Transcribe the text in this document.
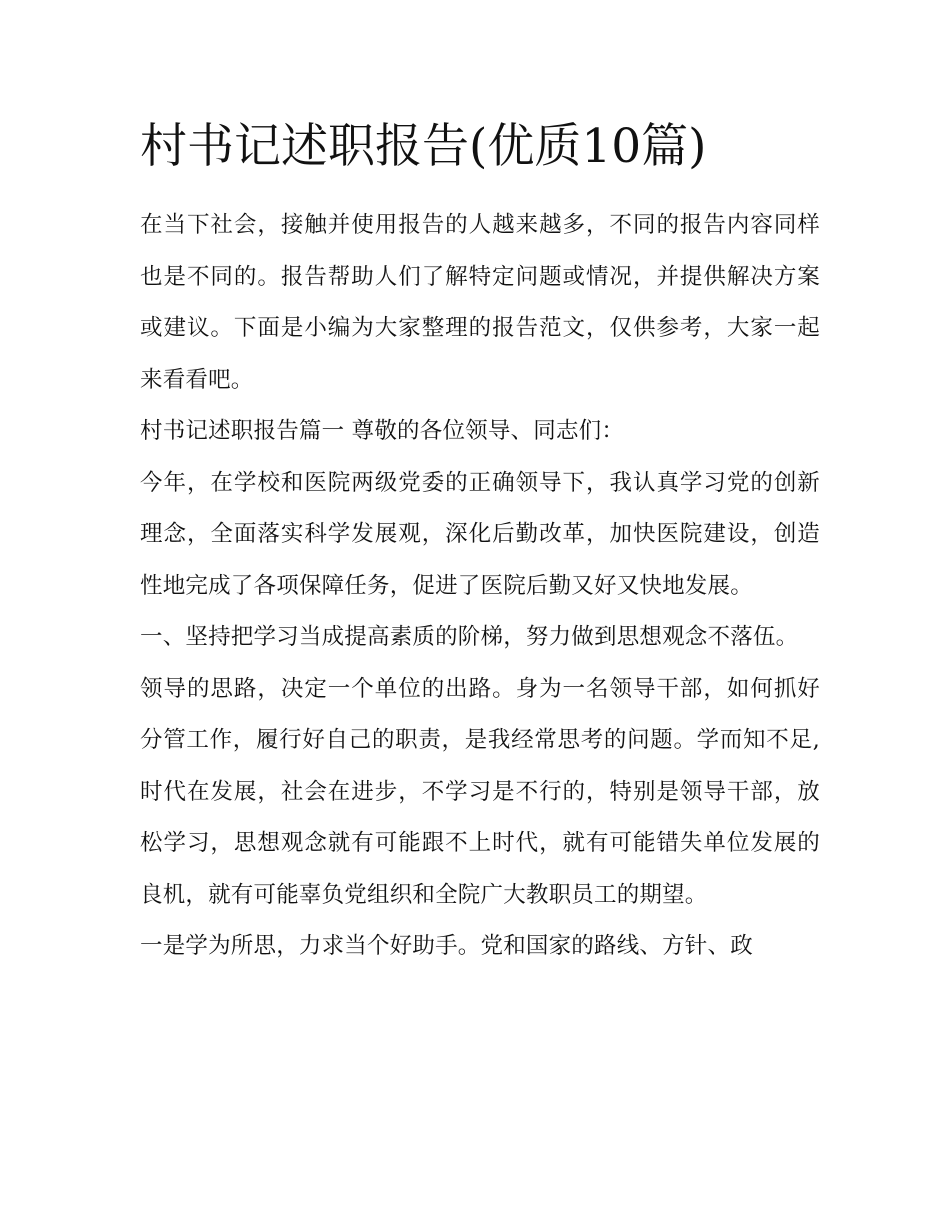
村书记述职报告(优质10篇)

在当下社会，接触并使用报告的人越来越多，不同的报告内容同样也是不同的。报告帮助人们了解特定问题或情况，并提供解决方案或建议。下面是小编为大家整理的报告范文，仅供参考，大家一起来看看吧。

村书记述职报告篇一 尊敬的各位领导、同志们：

今年，在学校和医院两级党委的正确领导下，我认真学习党的创新理念，全面落实科学发展观，深化后勤改革，加快医院建设，创造性地完成了各项保障任务，促进了医院后勤又好又快地发展。

一、坚持把学习当成提高素质的阶梯，努力做到思想观念不落伍。

领导的思路，决定一个单位的出路。身为一名领导干部，如何抓好分管工作，履行好自己的职责，是我经常思考的问题。学而知不足,时代在发展，社会在进步，不学习是不行的，特别是领导干部，放松学习，思想观念就有可能跟不上时代，就有可能错失单位发展的良机，就有可能辜负党组织和全院广大教职员工的期望。

一是学为所思，力求当个好助手。党和国家的路线、方针、政
